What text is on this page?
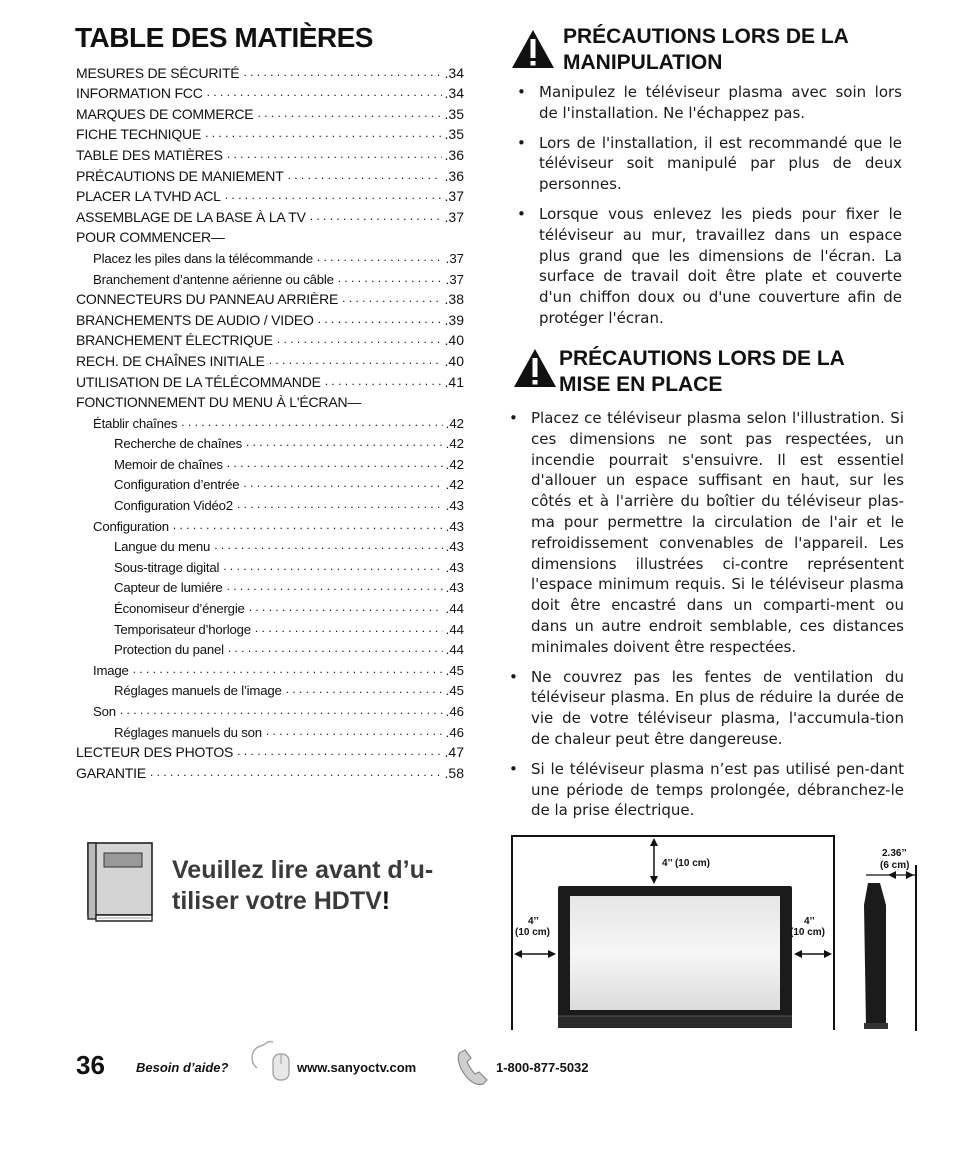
TABLE DES MATIÈRES
MESURES DE SÉCURITÉ . . .	.34
INFORMATION FCC . . .	.34
MARQUES DE COMMERCE . . .	.35
FICHE TECHNIQUE . . .	.35
TABLE DES MATIÈRES . . .	.36
PRÉCAUTIONS DE MANIEMENT . . .	.36
PLACER LA TVHD ACL . . .	.37
ASSEMBLAGE DE LA BASE À LA TV . . .	.37
POUR COMMENCER—
Placez les piles dans la télécommande . . .	.37
Branchement d’antenne aérienne ou câble . . .	.37
CONNECTEURS DU PANNEAU ARRIÈRE . . .	.38
BRANCHEMENTS DE AUDIO / VIDEO . . .	.39
BRANCHEMENT ÉLECTRIQUE . . .	.40
RECH. DE CHAÎNES INITIALE . . .	.40
UTILISATION DE LA TÉLÉCOMMANDE . . .	.41
FONCTIONNEMENT DU MENU À L'ÉCRAN—
Établir chaînes . . .	.42
Recherche de chaînes . . .	.42
Memoir de chaînes . . .	.42
Configuration d’entrée . . .	.42
Configuration Vidéo2 . . .	.43
Configuration . . .	.43
Langue du menu . . .	.43
Sous-titrage digital . . .	.43
Capteur de lumiére . . .	.43
Économiseur d’énergie . . .	.44
Temporisateur d’horloge . . .	.44
Protection du panel . . .	.44
Image . . .	.45
Réglages manuels de l’image . . .	.45
Son . . .	.46
Réglages manuels du son . . .	.46
LECTEUR DES PHOTOS . . .	.47
GARANTIE . . .	.58
PRÉCAUTIONS LORS DE LA
MANIPULATION
• Manipulez le téléviseur plasma avec soin lors de l'installation. Ne l'échappez pas.
• Lors de l'installation, il est recommandé que le téléviseur soit manipulé par plus de deux personnes.
• Lorsque vous enlevez les pieds pour fixer le téléviseur au mur, travaillez dans un espace plus grand que les dimensions de l'écran. La surface de travail doit être plate et couverte d'un chiffon doux ou d'une couverture afin de protéger l'écran.
PRÉCAUTIONS LORS DE LA
MISE EN PLACE
• Placez ce téléviseur plasma selon l'illustration. Si ces dimensions ne sont pas respectées, un incendie pourrait s'ensuivre. Il est essentiel d'allouer un espace suffisant en haut, sur les côtés et à l'arrière du boîtier du téléviseur plas-ma pour permettre la circulation de l'air et le refroidissement convenables de l'appareil. Les dimensions illustrées ci-contre représentent l'espace minimum requis. Si le téléviseur plasma doit être encastré dans un comparti-ment ou dans un autre endroit semblable, ces distances minimales doivent être respectées.
• Ne couvrez pas les fentes de ventilation du téléviseur plasma. En plus de réduire la durée de vie de votre téléviseur plasma, l'accumula-tion de chaleur peut être dangereuse.
• Si le téléviseur plasma n’est pas utilisé pen-dant une période de temps prolongée, débranchez-le de la prise électrique.
Veuillez lire avant d’u-
tiliser votre HDTV!
4’’ (10 cm)
4’’
(10 cm)
4’’
(10 cm)
2.36’’
(6 cm)
36 Besoin d’aide?	www.sanyoctv.com	1-800-877-5032
